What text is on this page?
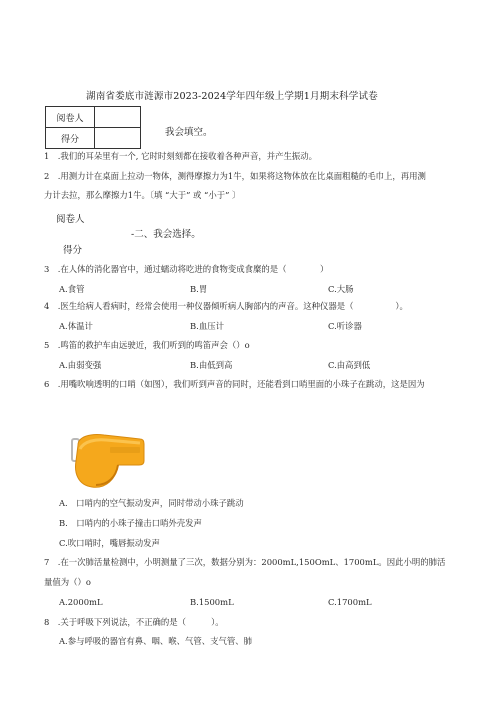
湖南省娄底市涟源市2023-2024学年四年级上学期1月期末科学试卷
阅卷人	
得分	
我会填空。
1　.我们的耳朵里有一个, 它时时刻刻都在接收着各种声音，并产生振动。
2　.用测力计在桌面上拉动一物体，测得摩擦力为1牛，如果将这物体放在比桌面粗糙的毛巾上，再用测
力计去拉，那么摩擦力1牛。〔填 “大于” 或 “小于” 〕
阅卷人
-二、我会选择。
得分
3　.在人体的消化器官中，通过蠕动将吃进的食物变成食糜的是（　　　　）
A.食管	B.胃	C.大肠
4　.医生给病人看病时，经常会使用一种仪器倾听病人胸部内的声音。这种仪器是（　　　　　）。
A.体温计	B.血压计	C.听诊器
5　.鸣笛的救护车由远驶近，我们听到的鸣笛声会（）o
A.由弱变强	B.由低到高	C.由高到低
6　.用嘴吹响透明的口哨（如图），我们听到声音的同时，还能看到口哨里面的小珠子在跳动，这是因为
A.　口哨内的空气振动发声，同时带动小珠子跳动
B.　口哨内的小珠子撞击口哨外壳发声
C.吹口哨时，嘴唇振动发声
7　.在一次肺活量检测中，小明测量了三次，数据分别为：2000mL,150OmL、1700mL。因此小明的肺活
量值为（）o
A.2000mL	B.1500mL	C.1700mL
8　.关于呼吸下列说法，不正确的是（　　　）。
A.参与呼吸的器官有鼻、咽、喉、气管、支气管、肺
